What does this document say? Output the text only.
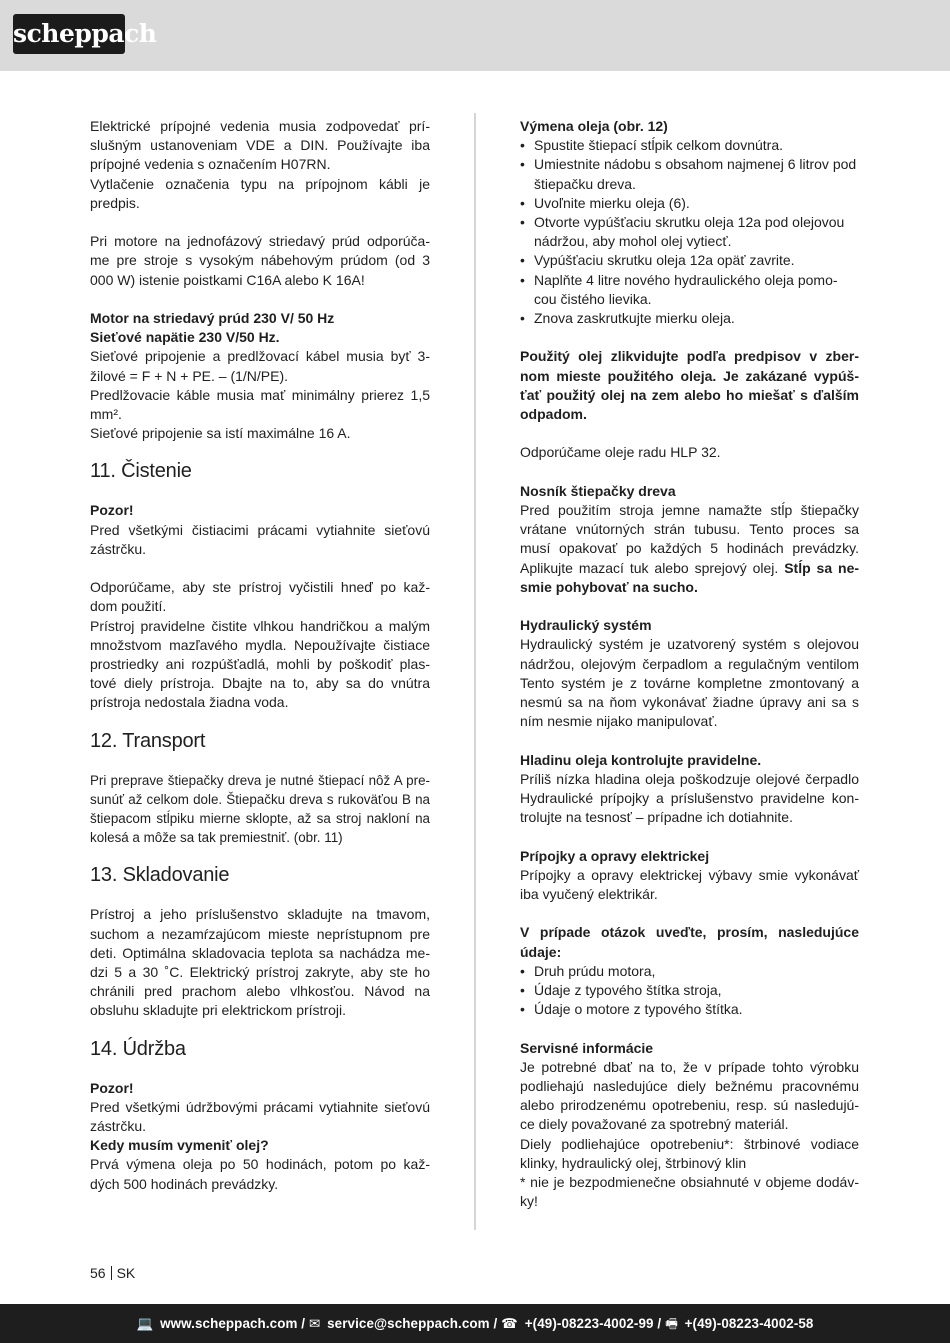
scheppach

Elektrické prípojné vedenia musia zodpovedať prí-slušným ustanoveniam VDE a DIN. Používajte iba prípojné vedenia s označením H07RN.

Vytlačenie označenia typu na prípojnom kábli je predpis.

Pri motore na jednofázový striedavý prúd odporúča-me pre stroje s vysokým nábehovým prúdom (od 3 000 W) istenie poistkami C16A alebo K 16A!

Motor na striedavý prúd 230 V/ 50 Hz

Sieťové napätie 230 V/50 Hz.

Sieťové pripojenie a predlžovací kábel musia byť 3-žilové = F + N + PE. – (1/N/PE).

Predlžovacie káble musia mať minimálny prierez 1,5 mm².

Sieťové pripojenie sa istí maximálne 16 A.

11. Čistenie

Pozor!

Pred všetkými čistiacimi prácami vytiahnite sieťovú zástrčku.

Odporúčame, aby ste prístroj vyčistili hneď po kaž-dom použití.

Prístroj pravidelne čistite vlhkou handričkou a malým množstvom mazľavého mydla. Nepoužívajte čistiace prostriedky ani rozpúšťadlá, mohli by poškodiť plas-tové diely prístroja. Dbajte na to, aby sa do vnútra prístroja nedostala žiadna voda.

12. Transport

Pri preprave štiepačky dreva je nutné štiepací nôž A pre-sunúť až celkom dole. Štiepačku dreva s rukoväťou B na štiepacom stĺpiku mierne sklopte, až sa stroj nakloní na kolesá a môže sa tak premiestniť. (obr. 11)

13. Skladovanie

Prístroj a jeho príslušenstvo skladujte na tmavom, suchom a nezamŕzajúcom mieste neprístupnom pre deti. Optimálna skladovacia teplota sa nachádza me-dzi 5 a 30 ˚C. Elektrický prístroj zakryte, aby ste ho chránili pred prachom alebo vlhkosťou. Návod na obsluhu skladujte pri elektrickom prístroji.

14. Údržba

Pozor!

Pred všetkými údržbovými prácami vytiahnite sieťovú zástrčku.

Kedy musím vymeniť olej?

Prvá výmena oleja po 50 hodinách, potom po kaž-dých 500 hodinách prevádzky.

Výmena oleja (obr. 12)

• Spustite štiepací stĺpik celkom dovnútra.
• Umiestnite nádobu s obsahom najmenej 6 litrov pod štiepačku dreva.
• Uvoľnite mierku oleja (6).
• Otvorte vypúšťaciu skrutku oleja 12a pod olejovou nádržou, aby mohol olej vytiecť.
• Vypúšťaciu skrutku oleja 12a opäť zavrite.
• Naplňte 4 litre nového hydraulického oleja pomo-cou čistého lievika.
• Znova zaskrutkujte mierku oleja.

Použitý olej zlikvidujte podľa predpisov v zber-nom mieste použitého oleja. Je zakázané vypúš-ťať použitý olej na zem alebo ho miešať s ďalším odpadom.

Odporúčame oleje radu HLP 32.

Nosník štiepačky dreva

Pred použitím stroja jemne namažte stĺp štiepačky vrátane vnútorných strán tubusu. Tento proces sa musí opakovať po každých 5 hodinách prevádzky. Aplikujte mazací tuk alebo sprejový olej. Stĺp sa ne-smie pohybovať na sucho.

Hydraulický systém

Hydraulický systém je uzatvorený systém s olejovou nádržou, olejovým čerpadlom a regulačným ventilom Tento systém je z továrne kompletne zmontovaný a nesmú sa na ňom vykonávať žiadne úpravy ani sa s ním nesmie nijako manipulovať.

Hladinu oleja kontrolujte pravidelne.

Príliš nízka hladina oleja poškodzuje olejové čerpadlo Hydraulické prípojky a príslušenstvo pravidelne kon-trolujte na tesnosť – prípadne ich dotiahnite.

Prípojky a opravy elektrickej

Prípojky a opravy elektrickej výbavy smie vykonávať iba vyučený elektrikár.

V prípade otázok uveďte, prosím, nasledujúce údaje:

• Druh prúdu motora,
• Údaje z typového štítka stroja,
• Údaje o motore z typového štítka.

Servisné informácie

Je potrebné dbať na to, že v prípade tohto výrobku podliehajú nasledujúce diely bežnému pracovnému alebo prirodzenému opotrebeniu, resp. sú nasledujú-ce diely považované za spotrebný materiál.

Diely podliehajúce opotrebeniu*: štrbinové vodiace klinky, hydraulický olej, štrbinový klin

* nie je bezpodmienečne obsiahnuté v objeme dodáv-ky!

56 SK
💻 www.scheppach.com / ✉ service@scheppach.com / ☎ +(49)-08223-4002-99 / 🖷 +(49)-08223-4002-58
